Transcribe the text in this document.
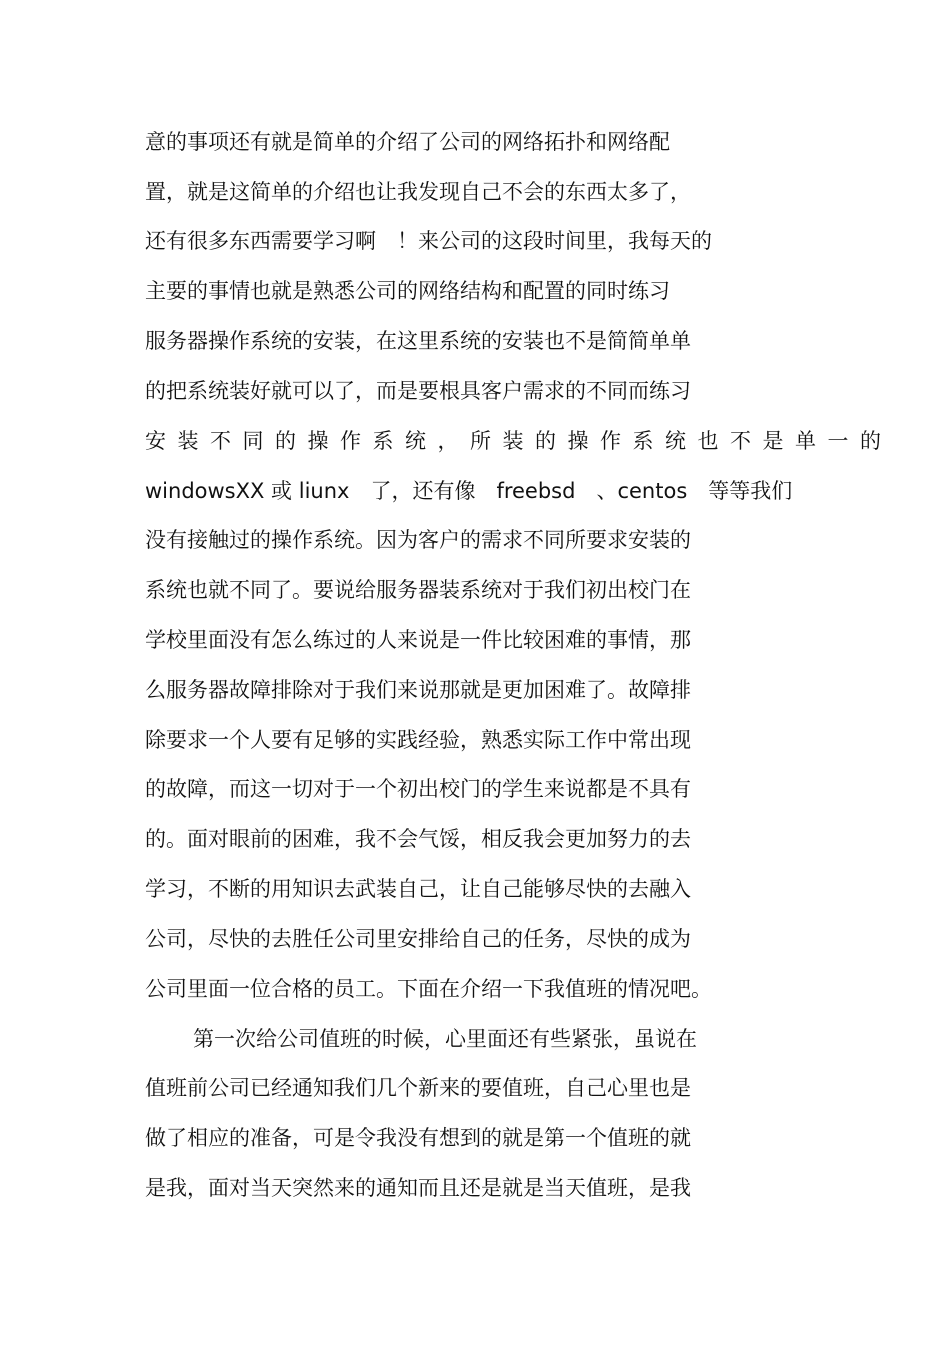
意的事项还有就是简单的介绍了公司的网络拓扑和网络配
置，就是这简单的介绍也让我发现自己不会的东西太多了，
还有很多东西需要学习啊　！来公司的这段时间里，我每天的
主要的事情也就是熟悉公司的网络结构和配置的同时练习
服务器操作系统的安装，在这里系统的安装也不是简简单单
的把系统装好就可以了，而是要根具客户需求的不同而练习
安装不同的操作系统，所装的操作系统也不是单一的
windowsXX 或 liunx　了，还有像　freebsd　、centos　等等我们
没有接触过的操作系统。因为客户的需求不同所要求安装的
系统也就不同了。要说给服务器装系统对于我们初出校门在
学校里面没有怎么练过的人来说是一件比较困难的事情，那
么服务器故障排除对于我们来说那就是更加困难了。故障排
除要求一个人要有足够的实践经验，熟悉实际工作中常出现
的故障，而这一切对于一个初出校门的学生来说都是不具有
的。面对眼前的困难，我不会气馁，相反我会更加努力的去
学习，不断的用知识去武装自己，让自己能够尽快的去融入
公司，尽快的去胜任公司里安排给自己的任务，尽快的成为
公司里面一位合格的员工。下面在介绍一下我值班的情况吧。
第一次给公司值班的时候，心里面还有些紧张，虽说在
值班前公司已经通知我们几个新来的要值班，自己心里也是
做了相应的准备，可是令我没有想到的就是第一个值班的就
是我，面对当天突然来的通知而且还是就是当天值班，是我
